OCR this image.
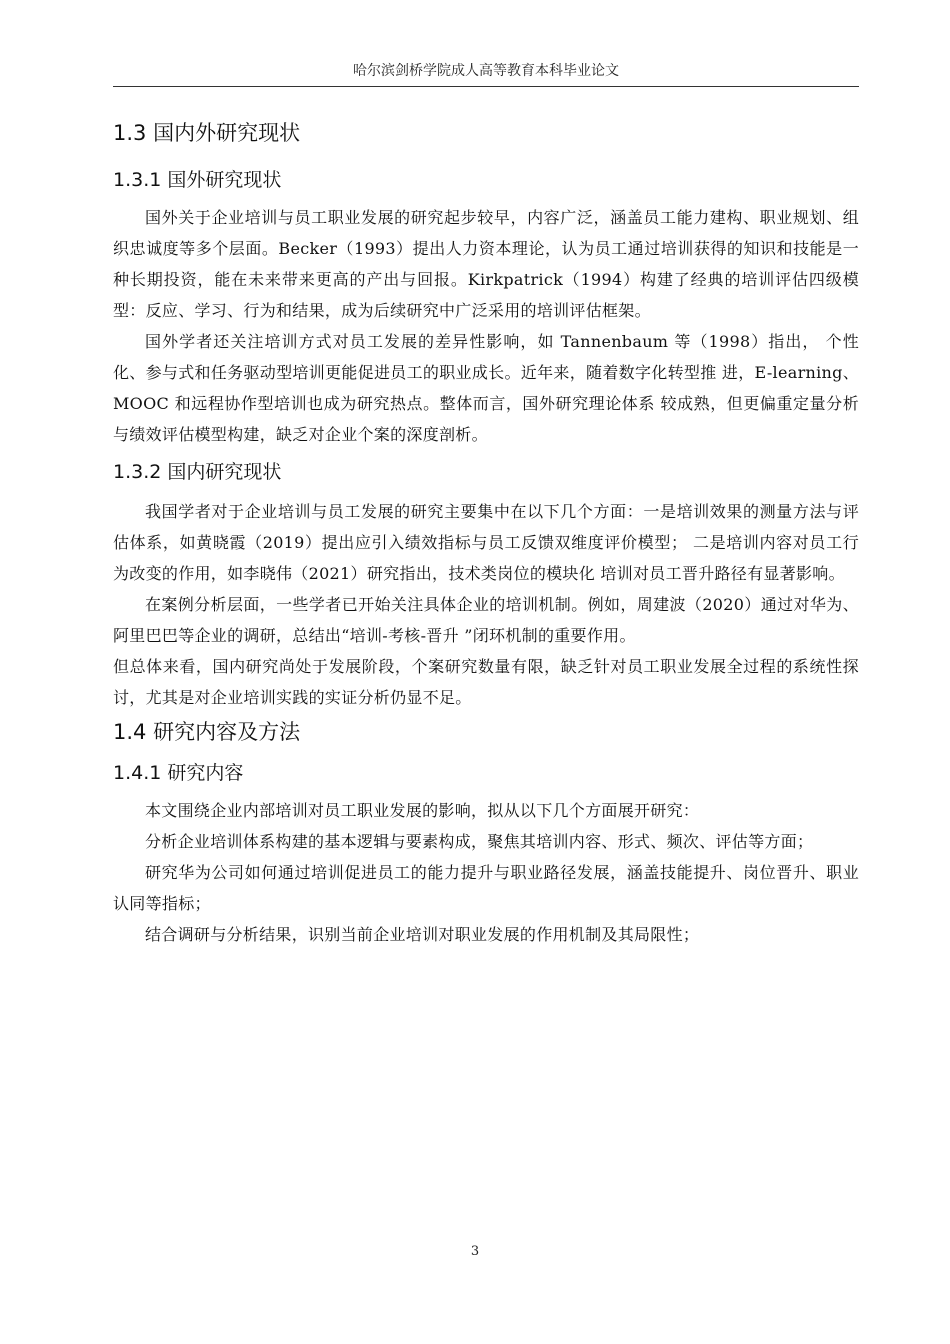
哈尔滨剑桥学院成人高等教育本科毕业论文
1.3 国内外研究现状
1.3.1 国外研究现状

国外关于企业培训与员工职业发展的研究起步较早，内容广泛，涵盖员工能力建构、职业规划、组织忠诚度等多个层面。Becker（1993）提出人力资本理论，认为员工通过培训获得的知识和技能是一种长期投资，能在未来带来更高的产出与回报。Kirkpatrick（1994）构建了经典的培训评估四级模型：反应、学习、行为和结果，成为后续研究中广泛采用的培训评估框架。

国外学者还关注培训方式对员工发展的差异性影响，如 Tannenbaum 等（1998）指出， 个性化、参与式和任务驱动型培训更能促进员工的职业成长。近年来，随着数字化转型推 进，E-learning、MOOC 和远程协作型培训也成为研究热点。整体而言，国外研究理论体系 较成熟，但更偏重定量分析与绩效评估模型构建，缺乏对企业个案的深度剖析。

1.3.2 国内研究现状

我国学者对于企业培训与员工发展的研究主要集中在以下几个方面：一是培训效果的测量方法与评估体系，如黄晓霞（2019）提出应引入绩效指标与员工反馈双维度评价模型； 二是培训内容对员工行为改变的作用，如李晓伟（2021）研究指出，技术类岗位的模块化 培训对员工晋升路径有显著影响。

在案例分析层面，一些学者已开始关注具体企业的培训机制。例如，周建波（2020）通过对华为、阿里巴巴等企业的调研，总结出“培训-考核-晋升 ”闭环机制的重要作用。

但总体来看，国内研究尚处于发展阶段，个案研究数量有限，缺乏针对员工职业发展全过程的系统性探讨，尤其是对企业培训实践的实证分析仍显不足。

1.4 研究内容及方法
1.4.1 研究内容

本文围绕企业内部培训对员工职业发展的影响，拟从以下几个方面展开研究：

分析企业培训体系构建的基本逻辑与要素构成，聚焦其培训内容、形式、频次、评估等方面；

研究华为公司如何通过培训促进员工的能力提升与职业路径发展，涵盖技能提升、岗位晋升、职业认同等指标；

结合调研与分析结果，识别当前企业培训对职业发展的作用机制及其局限性；

3
